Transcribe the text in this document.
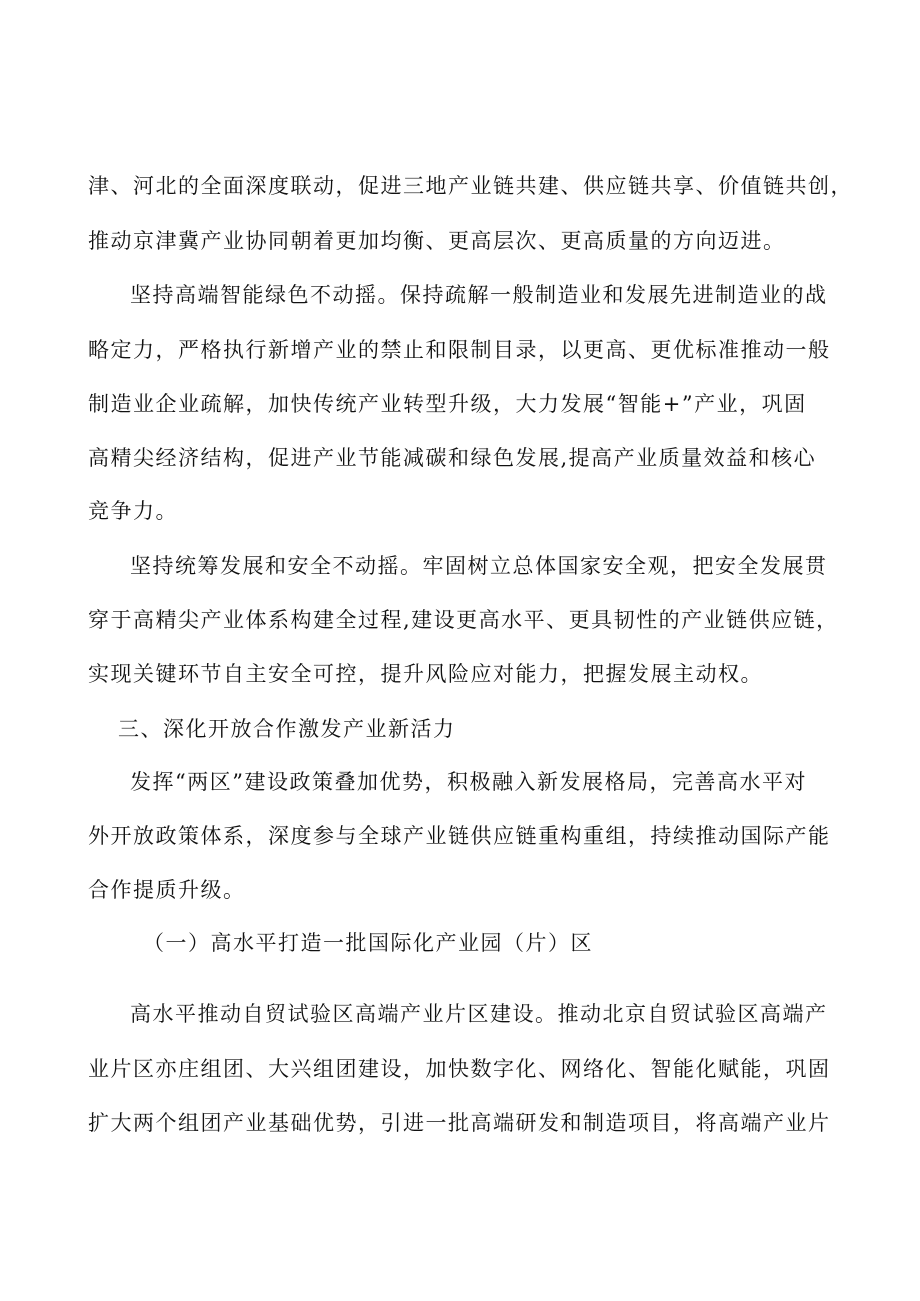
津、河北的全面深度联动，促进三地产业链共建、供应链共享、价值链共创，
推动京津冀产业协同朝着更加均衡、更高层次、更高质量的方向迈进。
坚持高端智能绿色不动摇。保持疏解一般制造业和发展先进制造业的战
略定力，严格执行新增产业的禁止和限制目录，以更高、更优标准推动一般
制造业企业疏解，加快传统产业转型升级，大力发展“智能+”产业，巩固
高精尖经济结构，促进产业节能减碳和绿色发展,提高产业质量效益和核心
竞争力。
坚持统筹发展和安全不动摇。牢固树立总体国家安全观，把安全发展贯
穿于高精尖产业体系构建全过程,建设更高水平、更具韧性的产业链供应链，
实现关键环节自主安全可控，提升风险应对能力，把握发展主动权。
三、深化开放合作激发产业新活力
发挥“两区”建设政策叠加优势，积极融入新发展格局，完善高水平对
外开放政策体系，深度参与全球产业链供应链重构重组，持续推动国际产能
合作提质升级。
（一）高水平打造一批国际化产业园（片）区
高水平推动自贸试验区高端产业片区建设。推动北京自贸试验区高端产
业片区亦庄组团、大兴组团建设，加快数字化、网络化、智能化赋能，巩固
扩大两个组团产业基础优势，引进一批高端研发和制造项目，将高端产业片
